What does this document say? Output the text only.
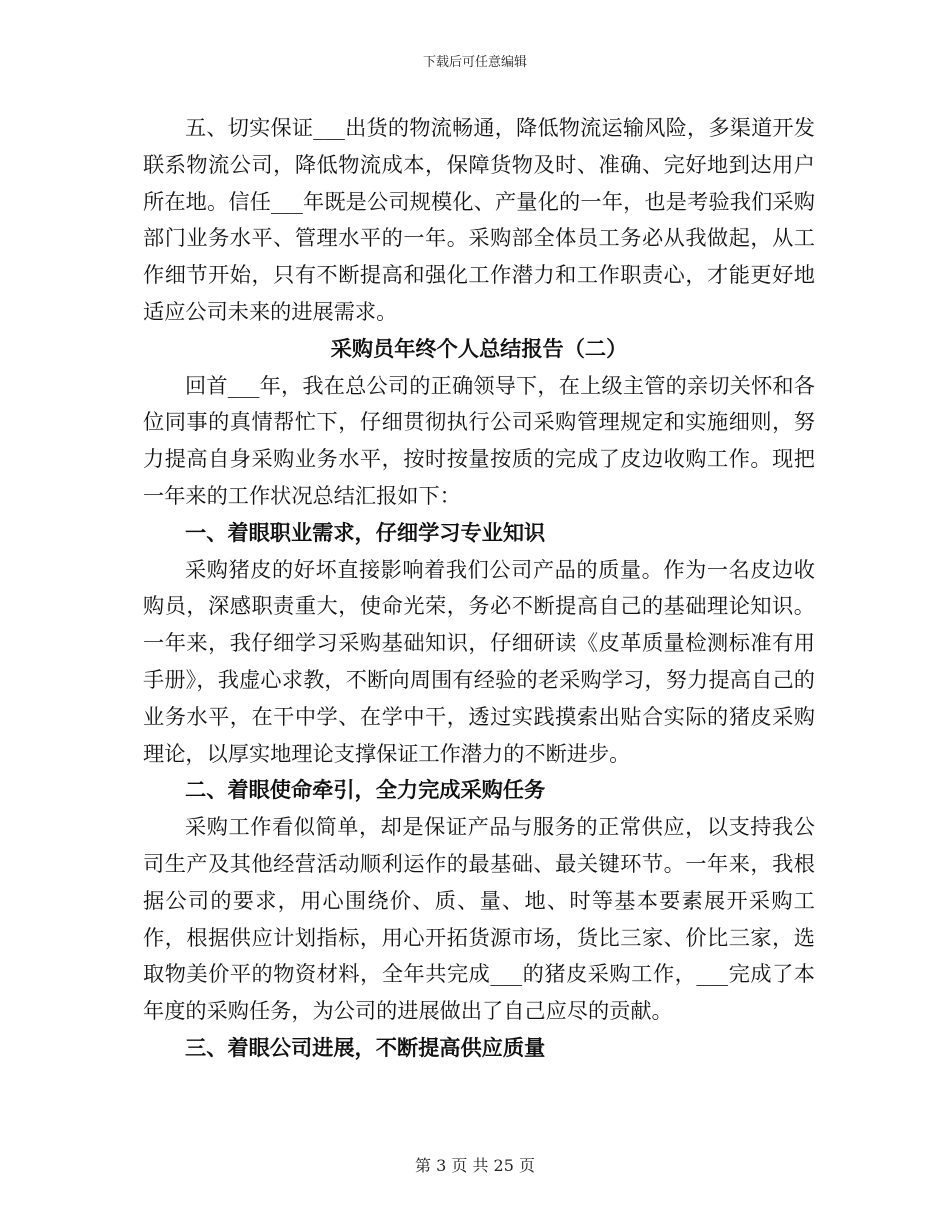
下载后可任意编辑

五、切实保证___出货的物流畅通，降低物流运输风险，多渠道开发联系物流公司，降低物流成本，保障货物及时、准确、完好地到达用户所在地。信任___年既是公司规模化、产量化的一年，也是考验我们采购部门业务水平、管理水平的一年。采购部全体员工务必从我做起，从工作细节开始，只有不断提高和强化工作潜力和工作职责心，才能更好地适应公司未来的进展需求。

采购员年终个人总结报告（二）

回首___年，我在总公司的正确领导下，在上级主管的亲切关怀和各位同事的真情帮忙下，仔细贯彻执行公司采购管理规定和实施细则，努力提高自身采购业务水平，按时按量按质的完成了皮边收购工作。现把一年来的工作状况总结汇报如下：

一、着眼职业需求，仔细学习专业知识

采购猪皮的好坏直接影响着我们公司产品的质量。作为一名皮边收购员，深感职责重大，使命光荣，务必不断提高自己的基础理论知识。一年来，我仔细学习采购基础知识，仔细研读《皮革质量检测标准有用手册》，我虚心求教，不断向周围有经验的老采购学习，努力提高自己的业务水平，在干中学、在学中干，透过实践摸索出贴合实际的猪皮采购理论，以厚实地理论支撑保证工作潜力的不断进步。

二、着眼使命牵引，全力完成采购任务

采购工作看似简单，却是保证产品与服务的正常供应，以支持我公司生产及其他经营活动顺利运作的最基础、最关键环节。一年来，我根据公司的要求，用心围绕价、质、量、地、时等基本要素展开采购工作，根据供应计划指标，用心开拓货源市场，货比三家、价比三家，选取物美价平的物资材料，全年共完成___的猪皮采购工作，___完成了本年度的采购任务，为公司的进展做出了自己应尽的贡献。

三、着眼公司进展，不断提高供应质量

第 3 页 共 25 页
